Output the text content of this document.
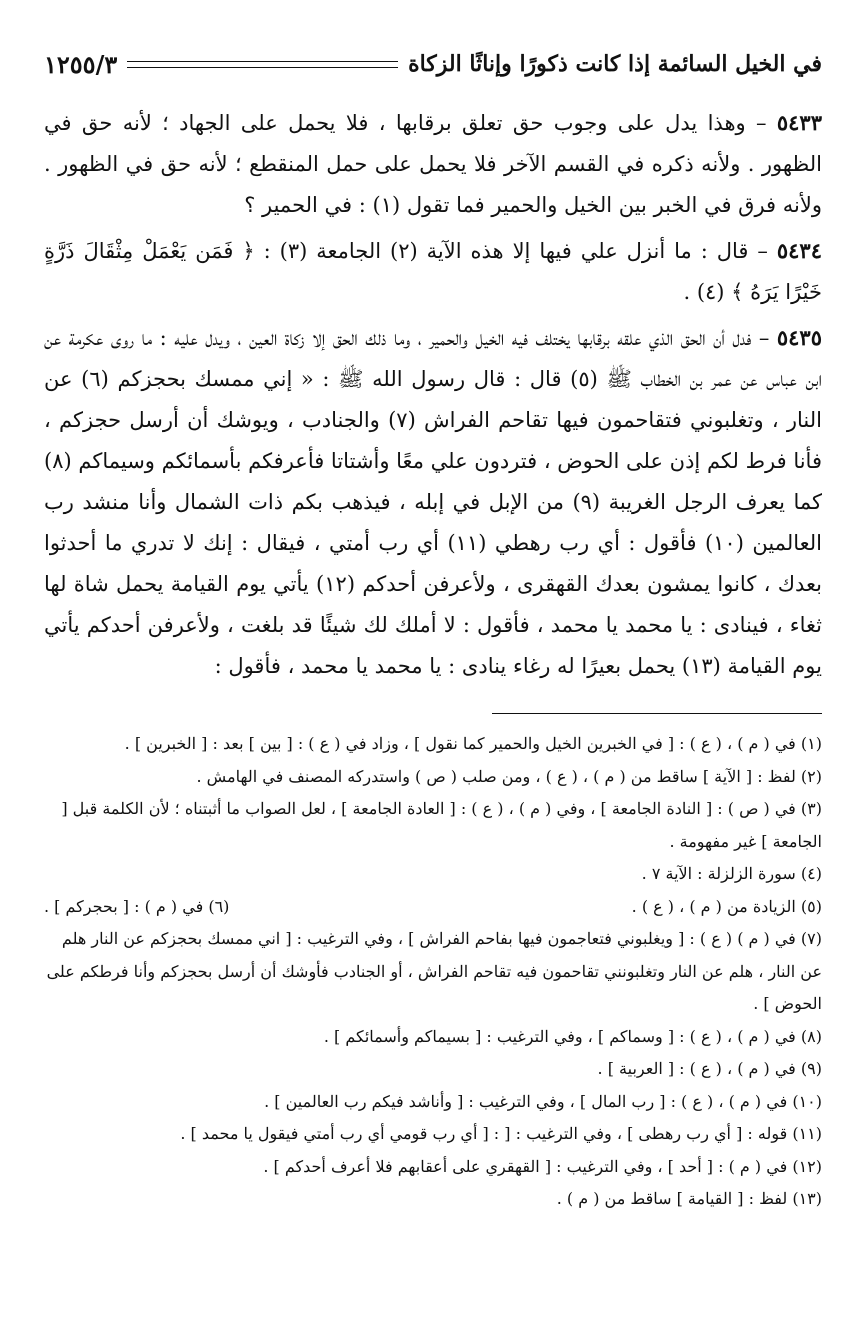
في الخيل السائمة إذا كانت ذكورًا وإناثًا الزكاة
١٢٥٥/٣

٥٤٣٣ – وهذا يدل على وجوب حق تعلق برقابها ، فلا يحمل على الجهاد ؛ لأنه حق في الظهور . ولأنه ذكره في القسم الآخر فلا يحمل على حمل المنقطع ؛ لأنه حق في الظهور . ولأنه فرق في الخبر بين الخيل والحمير فما تقول (١) : في الحمير ؟

٥٤٣٤ – قال : ما أنزل علي فيها إلا هذه الآية (٢) الجامعة (٣) : ﴿ فَمَن يَعْمَلْ مِثْقَالَ ذَرَّةٍ خَيْرًا يَرَهُ ﴾ (٤) .

٥٤٣٥ – فدل أن الحق الذي علقه برقابها يختلف فيه الخيل والحمير ، وما ذلك الحق إلا زكاة العين ، ويدل عليه : ما روى عكرمة عن ابن عباس عن عمر بن الخطاب ﷺ (٥) قال : قال رسول الله ﷺ : « إني ممسك بحجزكم (٦) عن النار ، وتغلبوني فتقاحمون فيها تقاحم الفراش (٧) والجنادب ، ويوشك أن أرسل حجزكم ، فأنا فرط لكم إذن على الحوض ، فتردون علي معًا وأشتاتا فأعرفكم بأسمائكم وسيماكم (٨) كما يعرف الرجل الغريبة (٩) من الإبل في إبله ، فيذهب بكم ذات الشمال وأنا منشد رب العالمين (١٠) فأقول : أي رب رهطي (١١) أي رب أمتي ، فيقال : إنك لا تدري ما أحدثوا بعدك ، كانوا يمشون بعدك القهقرى ، ولأعرفن أحدكم (١٢) يأتي يوم القيامة يحمل شاة لها ثغاء ، فينادى : يا محمد يا محمد ، فأقول : لا أملك لك شيئًا قد بلغت ، ولأعرفن أحدكم يأتي يوم القيامة (١٣) يحمل بعيرًا له رغاء ينادى : يا محمد يا محمد ، فأقول :

(١) في ( م ) ، ( ع ) : [ في الخبرين الخيل والحمير كما نقول ] ، وزاد في ( ع ) : [ بين ] بعد : [ الخبرين ] .

(٢) لفظ : [ الآية ] ساقط من ( م ) ، ( ع ) ، ومن صلب ( ص ) واستدركه المصنف في الهامش .

(٣) في ( ص ) : [ النادة الجامعة ] ، وفي ( م ) ، ( ع ) : [ العادة الجامعة ] ، لعل الصواب ما أثبتناه ؛ لأن الكلمة قبل [ الجامعة ] غير مفهومة .

(٤) سورة الزلزلة : الآية ٧ .

(٥) الزيادة من ( م ) ، ( ع ) .
(٦) في ( م ) : [ بحجركم ] .

(٧) في ( م ) ( ع ) : [ ويغلبوني فتعاجمون فيها بفاحم الفراش ] ، وفي الترغيب : [ اني ممسك بحجزكم عن النار هلم عن النار ، هلم عن النار وتغلبونني تقاحمون فيه تقاحم الفراش ، أو الجنادب فأوشك أن أرسل بحجزكم وأنا فرطكم على الحوض ] .

(٨) في ( م ) ، ( ع ) : [ وسماكم ] ، وفي الترغيب : [ بسيماكم وأسمائكم ] .

(٩) في ( م ) ، ( ع ) : [ العربية ] .

(١٠) في ( م ) ، ( ع ) : [ رب المال ] ، وفي الترغيب : [ وأناشد فيكم رب العالمين ] .

(١١) قوله : [ أي رب رهطى ] ، وفي الترغيب : [ : [ أي رب قومي أي رب أمتي فيقول يا محمد ] .

(١٢) في ( م ) : [ أحد ] ، وفي الترغيب : [ القهقري على أعقابهم فلا أعرف أحدكم ] .

(١٣) لفظ : [ القيامة ] ساقط من ( م ) .
